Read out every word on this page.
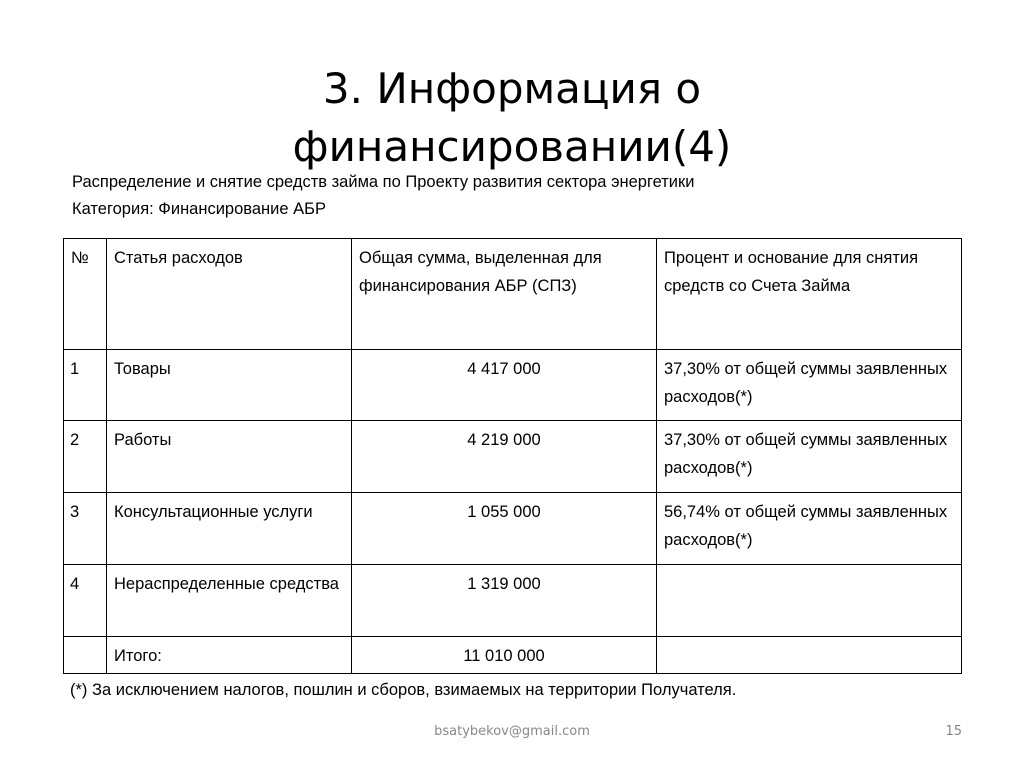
3. Информация о
финансировании(4)
Распределение и снятие средств займа по Проекту развития сектора энергетики
Категория: Финансирование АБР
№	Статья расходов	Общая сумма, выделенная для финансирования АБР (СПЗ)	Процент и основание для снятия средств со Счета Займа
1	Товары	4 417 000	37,30% от общей суммы заявленных расходов(*)
2	Работы	4 219 000	37,30% от общей суммы заявленных расходов(*)
3	Консультационные услуги	1 055 000	56,74% от общей суммы заявленных расходов(*)
4	Нераспределенные средства	1 319 000	
	Итого:	11 010 000	
(*) За исключением налогов, пошлин и сборов, взимаемых на территории Получателя.
bsatybekov@gmail.com	15
